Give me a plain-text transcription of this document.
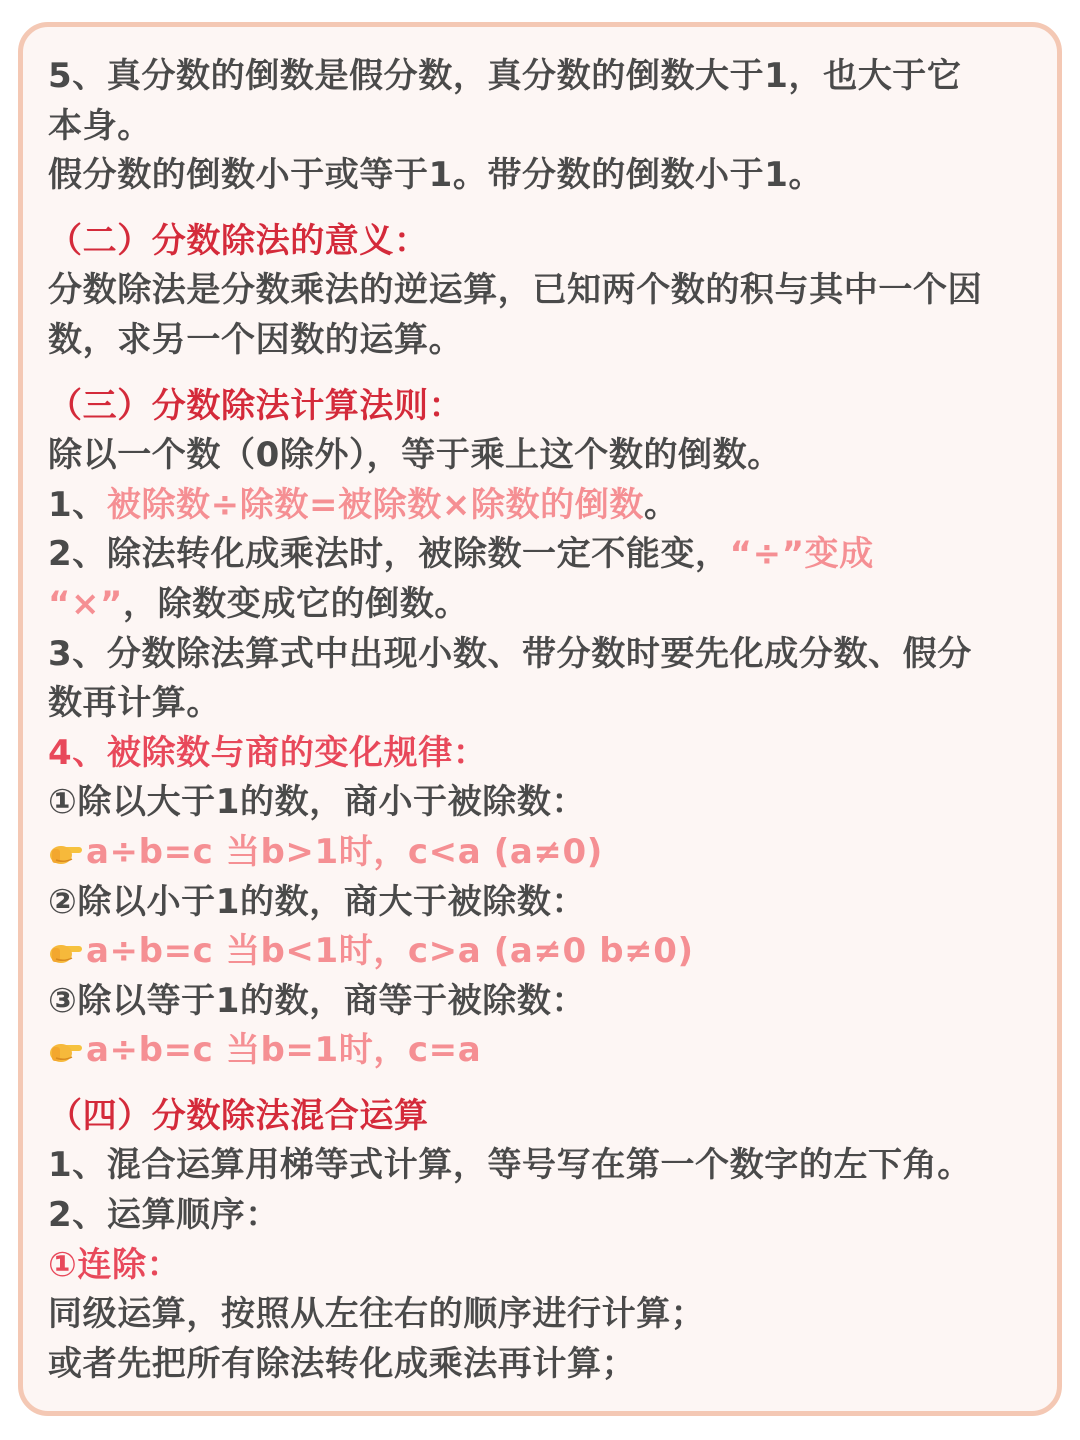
5、真分数的倒数是假分数，真分数的倒数大于1，也大于它
本身。
假分数的倒数小于或等于1。带分数的倒数小于1。
（二）分数除法的意义：
分数除法是分数乘法的逆运算，已知两个数的积与其中一个因
数，求另一个因数的运算。
（三）分数除法计算法则：
除以一个数（0除外），等于乘上这个数的倒数。
1、被除数÷除数=被除数×除数的倒数。
2、除法转化成乘法时，被除数一定不能变，“÷”变成
“×”，除数变成它的倒数。
3、分数除法算式中出现小数、带分数时要先化成分数、假分
数再计算。
4、被除数与商的变化规律：
①除以大于1的数，商小于被除数：
a÷b=c 当b>1时，c<a (a≠0)
②除以小于1的数，商大于被除数：
a÷b=c 当b<1时，c>a (a≠0 b≠0)
③除以等于1的数，商等于被除数：
a÷b=c 当b=1时，c=a
（四）分数除法混合运算
1、混合运算用梯等式计算，等号写在第一个数字的左下角。
2、运算顺序：
①连除：
同级运算，按照从左往右的顺序进行计算；
或者先把所有除法转化成乘法再计算；
